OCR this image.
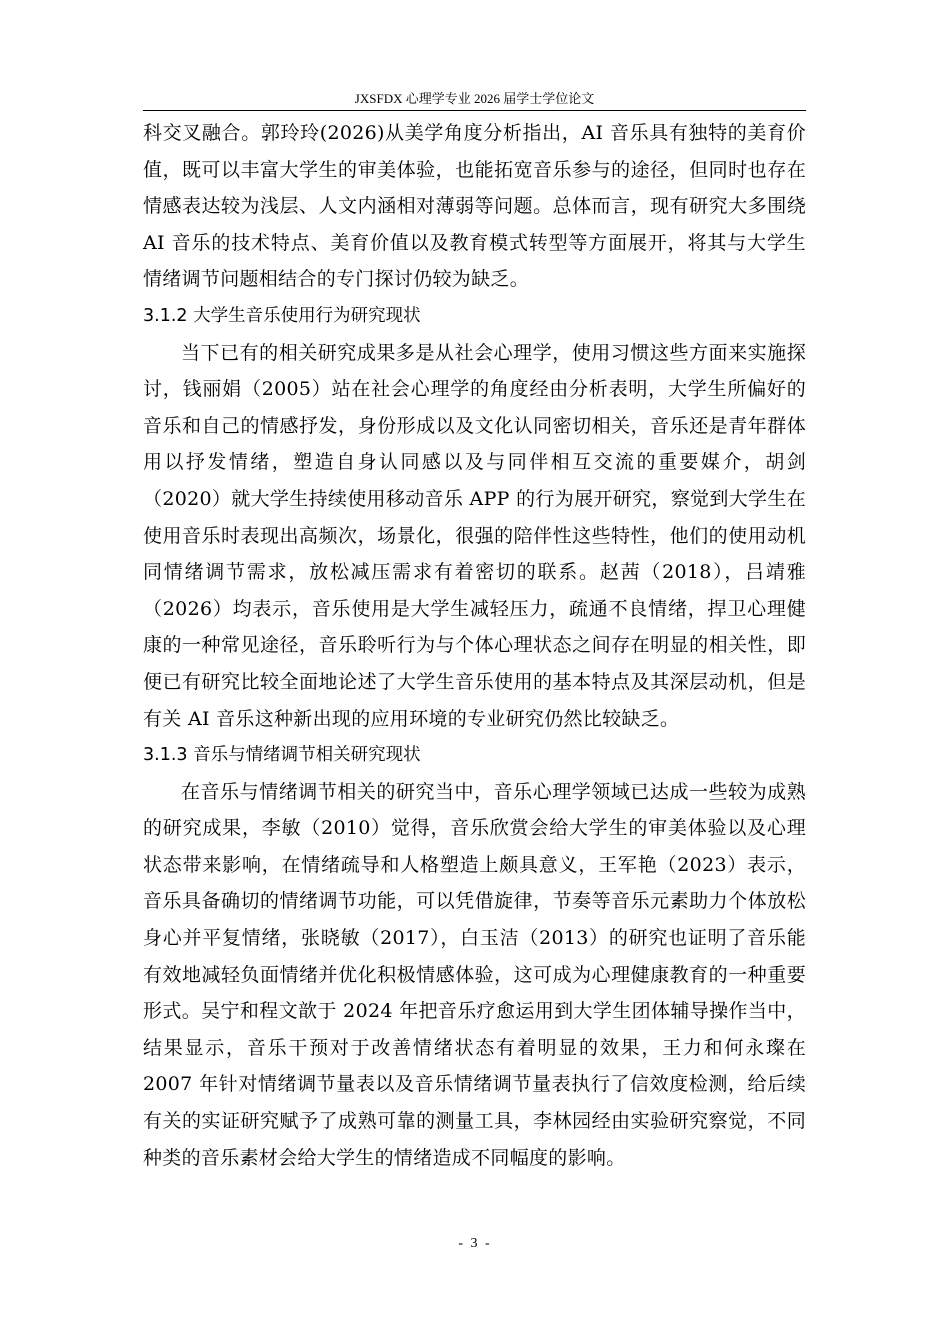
JXSFDX 心理学专业 2026 届学士学位论文

科交叉融合。郭玲玲(2026)从美学角度分析指出，AI 音乐具有独特的美育价值，既可以丰富大学生的审美体验，也能拓宽音乐参与的途径，但同时也存在情感表达较为浅层、人文内涵相对薄弱等问题。总体而言，现有研究大多围绕 AI 音乐的技术特点、美育价值以及教育模式转型等方面展开，将其与大学生情绪调节问题相结合的专门探讨仍较为缺乏。

3.1.2 大学生音乐使用行为研究现状

当下已有的相关研究成果多是从社会心理学，使用习惯这些方面来实施探讨，钱丽娟（2005）站在社会心理学的角度经由分析表明，大学生所偏好的音乐和自己的情感抒发，身份形成以及文化认同密切相关，音乐还是青年群体用以抒发情绪，塑造自身认同感以及与同伴相互交流的重要媒介，胡剑（2020）就大学生持续使用移动音乐 APP 的行为展开研究，察觉到大学生在使用音乐时表现出高频次，场景化，很强的陪伴性这些特性，他们的使用动机同情绪调节需求，放松减压需求有着密切的联系。赵茜（2018），吕靖雅（2026）均表示，音乐使用是大学生减轻压力，疏通不良情绪，捍卫心理健康的一种常见途径，音乐聆听行为与个体心理状态之间存在明显的相关性，即便已有研究比较全面地论述了大学生音乐使用的基本特点及其深层动机，但是有关 AI 音乐这种新出现的应用环境的专业研究仍然比较缺乏。

3.1.3 音乐与情绪调节相关研究现状

在音乐与情绪调节相关的研究当中，音乐心理学领域已达成一些较为成熟的研究成果，李敏（2010）觉得，音乐欣赏会给大学生的审美体验以及心理状态带来影响，在情绪疏导和人格塑造上颇具意义，王军艳（2023）表示，音乐具备确切的情绪调节功能，可以凭借旋律，节奏等音乐元素助力个体放松身心并平复情绪，张晓敏（2017），白玉洁（2013）的研究也证明了音乐能有效地减轻负面情绪并优化积极情感体验，这可成为心理健康教育的一种重要形式。吴宁和程文歆于 2024 年把音乐疗愈运用到大学生团体辅导操作当中，结果显示，音乐干预对于改善情绪状态有着明显的效果，王力和何永璨在 2007 年针对情绪调节量表以及音乐情绪调节量表执行了信效度检测，给后续有关的实证研究赋予了成熟可靠的测量工具，李林园经由实验研究察觉，不同种类的音乐素材会给大学生的情绪造成不同幅度的影响。

- 3 -
